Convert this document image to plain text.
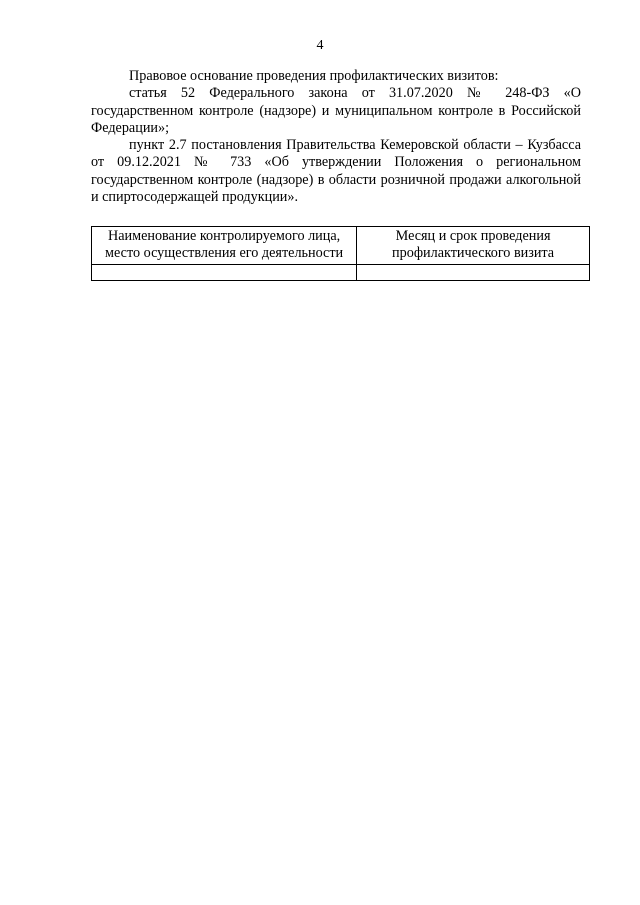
4

Правовое основание проведения профилактических визитов:

статья 52 Федерального закона от 31.07.2020 № 248-ФЗ «О государственном контроле (надзоре) и муниципальном контроле в Российской Федерации»;

пункт 2.7 постановления Правительства Кемеровской области – Кузбасса от 09.12.2021 № 733 «Об утверждении Положения о региональном государственном контроле (надзоре) в области розничной продажи алкогольной и спиртосодержащей продукции».

Наименование контролируемого лица, место осуществления его деятельности	Месяц и срок проведения профилактического визита
